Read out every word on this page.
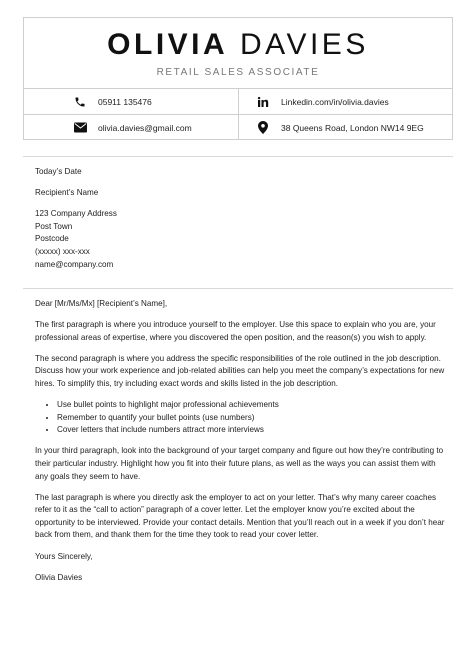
OLIVIA DAVIES
RETAIL SALES ASSOCIATE
05911 135476	Linkedin.com/in/olivia.davies
olivia.davies@gmail.com	38 Queens Road, London NW14 9EG

Today’s Date

Recipient’s Name

123 Company Address

Post Town

Postcode

(xxxxx) xxx-xxx

name@company.com

Dear [Mr/Ms/Mx] [Recipient’s Name],

The first paragraph is where you introduce yourself to the employer. Use this space to explain who you are, your professional areas of expertise, where you discovered the open position, and the reason(s) you wish to apply.

The second paragraph is where you address the specific responsibilities of the role outlined in the job description. Discuss how your work experience and job-related abilities can help you meet the company’s expectations for new hires. To simplify this, try including exact words and skills listed in the job description.

• Use bullet points to highlight major professional achievements
• Remember to quantify your bullet points (use numbers)
• Cover letters that include numbers attract more interviews

In your third paragraph, look into the background of your target company and figure out how they’re contributing to their particular industry. Highlight how you fit into their future plans, as well as the ways you can assist them with any goals they seem to have.

The last paragraph is where you directly ask the employer to act on your letter. That’s why many career coaches refer to it as the “call to action” paragraph of a cover letter. Let the employer know you’re excited about the opportunity to be interviewed. Provide your contact details. Mention that you’ll reach out in a week if you don’t hear back from them, and thank them for the time they took to read your cover letter.

Yours Sincerely,

Olivia Davies
